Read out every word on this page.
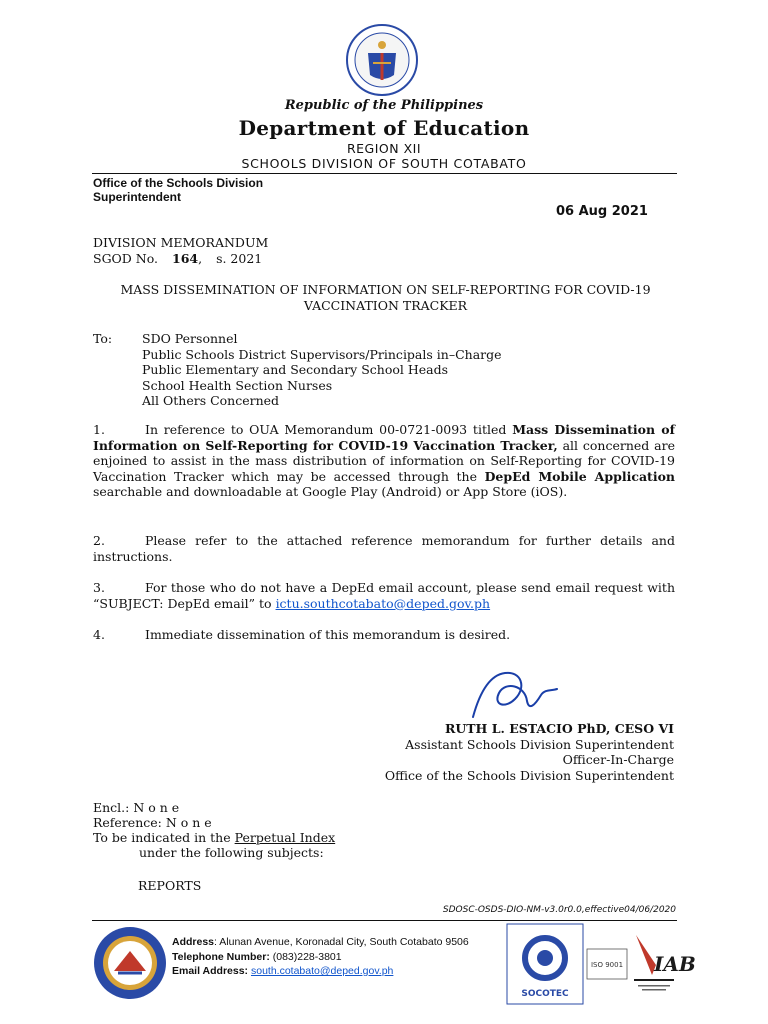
Republic of the Philippines
Department of Education
REGION XII
SCHOOLS DIVISION OF SOUTH COTABATO
Office of the Schools Division
Superintendent
06 Aug 2021
DIVISION MEMORANDUM
SGOD No. 164, s. 2021
MASS DISSEMINATION OF INFORMATION ON SELF-REPORTING FOR COVID-19
VACCINATION TRACKER
To: SDO Personnel
Public Schools District Supervisors/Principals in–Charge
Public Elementary and Secondary School Heads
School Health Section Nurses
All Others Concerned
1.	In reference to OUA Memorandum 00-0721-0093 titled Mass Dissemination of Information on Self-Reporting for COVID-19 Vaccination Tracker, all concerned are enjoined to assist in the mass distribution of information on Self-Reporting for COVID-19 Vaccination Tracker which may be accessed through the DepEd Mobile Application searchable and downloadable at Google Play (Android) or App Store (iOS).
2.	Please refer to the attached reference memorandum for further details and instructions.
3.	For those who do not have a DepEd email account, please send email request with “SUBJECT: DepEd email” to ictu.southcotabato@deped.gov.ph
4.	Immediate dissemination of this memorandum is desired.
RUTH L. ESTACIO PhD, CESO VI
Assistant Schools Division Superintendent
Officer-In-Charge
Office of the Schools Division Superintendent
Encl.: N o n e
Reference: N o n e
To be indicated in the Perpetual Index
under the following subjects:
REPORTS
SDOSC-OSDS-DIO-NM-v3.0r0.0,effective04/06/2020
Address: Alunan Avenue, Koronadal City, South Cotabato 9506
Telephone Number: (083)228-3801
Email Address: south.cotabato@deped.gov.ph
SOCOTEC
ISO 9001 IAB
